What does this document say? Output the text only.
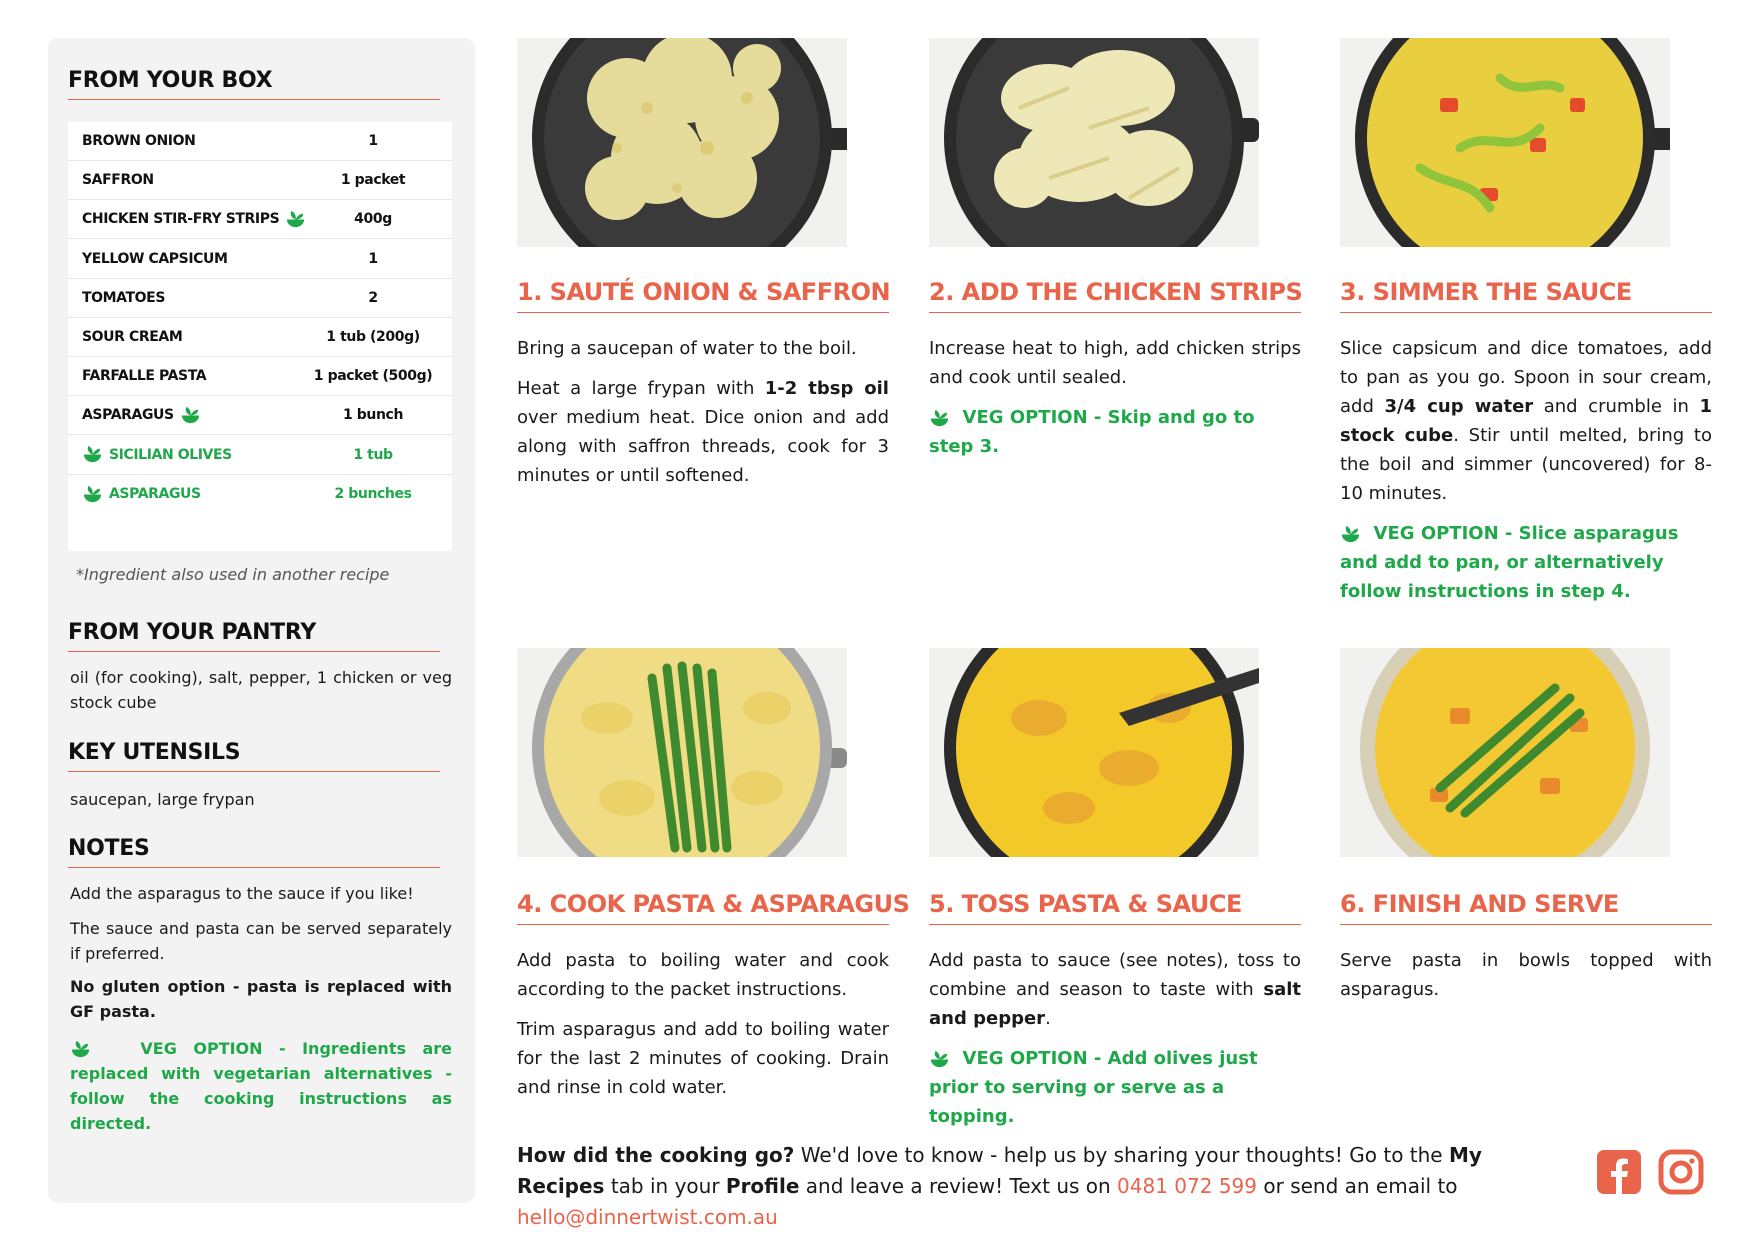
FROM YOUR BOX
BROWN ONION	1
SAFFRON	1 packet
CHICKEN STIR-FRY STRIPS	400g
YELLOW CAPSICUM	1
TOMATOES	2
SOUR CREAM	1 tub (200g)
FARFALLE PASTA	1 packet (500g)
ASPARAGUS	1 bunch
SICILIAN OLIVES	1 tub
ASPARAGUS	2 bunches
*Ingredient also used in another recipe
FROM YOUR PANTRY
oil (for cooking), salt, pepper, 1 chicken or veg stock cube
KEY UTENSILS
saucepan, large frypan
NOTES
Add the asparagus to the sauce if you like!
The sauce and pasta can be served separately if preferred.
No gluten option - pasta is replaced with GF pasta.
VEG OPTION - Ingredients are replaced with vegetarian alternatives - follow the cooking instructions as directed.
1. SAUTÉ ONION & SAFFRON

Bring a saucepan of water to the boil.

Heat a large frypan with 1-2 tbsp oil over medium heat. Dice onion and add along with saffron threads, cook for 3 minutes or until softened.

2. ADD THE CHICKEN STRIPS

Increase heat to high, add chicken strips and cook until sealed.

VEG OPTION - Skip and go to step 3.

3. SIMMER THE SAUCE

Slice capsicum and dice tomatoes, add to pan as you go. Spoon in sour cream, add 3/4 cup water and crumble in 1 stock cube. Stir until melted, bring to the boil and simmer (uncovered) for 8-10 minutes.

VEG OPTION - Slice asparagus and add to pan, or alternatively follow instructions in step 4.

4. COOK PASTA & ASPARAGUS

Add pasta to boiling water and cook according to the packet instructions.

Trim asparagus and add to boiling water for the last 2 minutes of cooking. Drain and rinse in cold water.

5. TOSS PASTA & SAUCE

Add pasta to sauce (see notes), toss to combine and season to taste with salt and pepper.

VEG OPTION - Add olives just prior to serving or serve as a topping.

6. FINISH AND SERVE

Serve pasta in bowls topped with asparagus.

How did the cooking go? We'd love to know - help us by sharing your thoughts! Go to the My Recipes tab in your Profile and leave a review! Text us on 0481 072 599 or send an email to hello@dinnertwist.com.au
